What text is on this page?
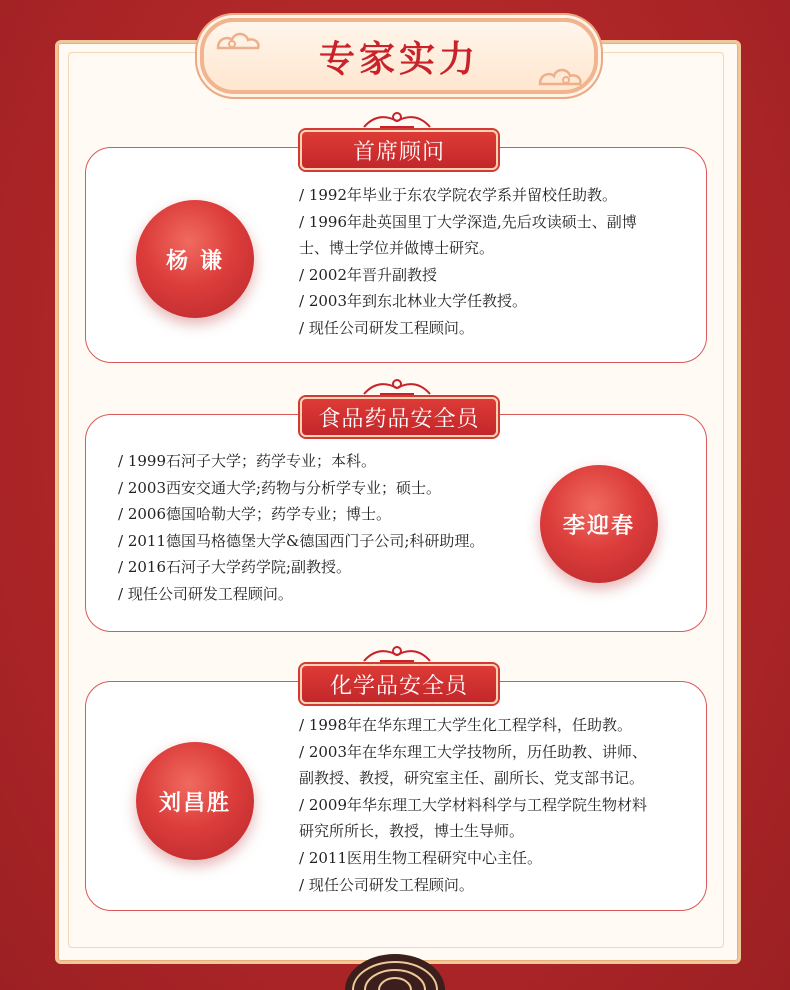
专家实力
杨 谦
/ 1992年毕业于东农学院农学系并留校任助教。
/ 1996年赴英国里丁大学深造,先后攻读硕士、副博
士、博士学位并做博士研究。
/ 2002年晋升副教授
/ 2003年到东北林业大学任教授。
/ 现任公司研发工程顾问。
首席顾问
/ 1999石河子大学；药学专业；本科。
/ 2003西安交通大学;药物与分析学专业；硕士。
/ 2006德国哈勒大学；药学专业；博士。
/ 2011德国马格德堡大学&德国西门子公司;科研助理。
/ 2016石河子大学药学院;副教授。
/ 现任公司研发工程顾问。
李迎春
食品药品安全员
刘昌胜
/ 1998年在华东理工大学生化工程学科，任助教。
/ 2003年在华东理工大学技物所，历任助教、讲师、
副教授、教授，研究室主任、副所长、党支部书记。
/ 2009年华东理工大学材料科学与工程学院生物材料
研究所所长，教授，博士生导师。
/ 2011医用生物工程研究中心主任。
/ 现任公司研发工程顾问。
化学品安全员
